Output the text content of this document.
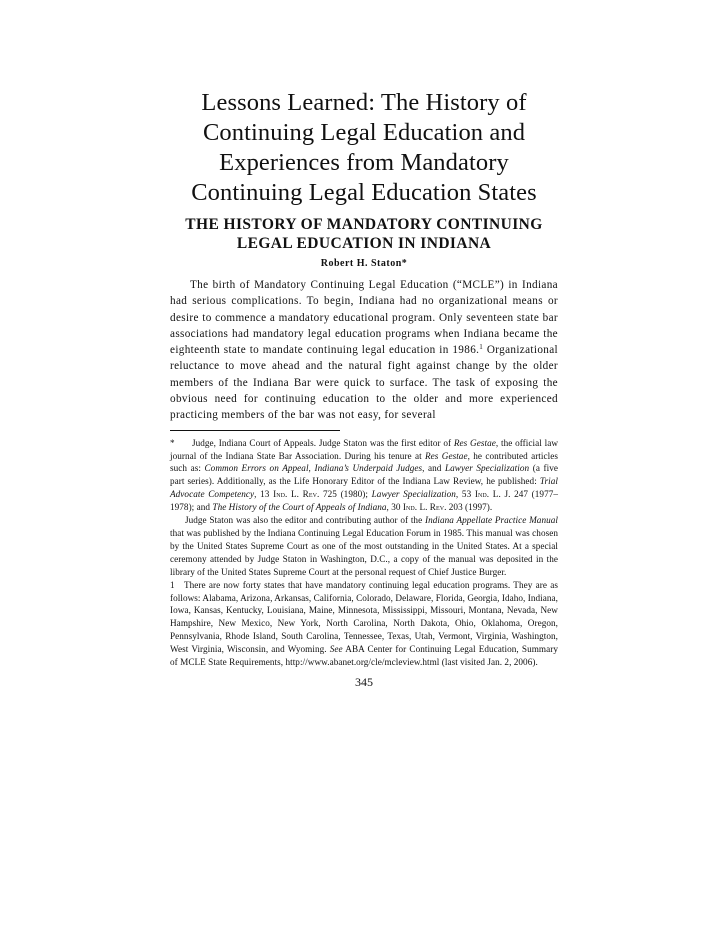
Lessons Learned: The History of Continuing Legal Education and Experiences from Mandatory Continuing Legal Education States
THE HISTORY OF MANDATORY CONTINUING LEGAL EDUCATION IN INDIANA

Robert H. Staton*

The birth of Mandatory Continuing Legal Education (“MCLE”) in Indiana had serious complications. To begin, Indiana had no organizational means or desire to commence a mandatory educational program. Only seventeen state bar associations had mandatory legal education programs when Indiana became the eighteenth state to mandate continuing legal education in 1986.$^1$ Organizational reluctance to move ahead and the natural fight against change by the older members of the Indiana Bar were quick to surface. The task of exposing the obvious need for continuing education to the older and more experienced practicing members of the bar was not easy, for several

* Judge, Indiana Court of Appeals. Judge Staton was the first editor of Res Gestae, the official law journal of the Indiana State Bar Association. During his tenure at Res Gestae, he contributed articles such as: Common Errors on Appeal, Indiana’s Underpaid Judges, and Lawyer Specialization (a five part series). Additionally, as the Life Honorary Editor of the Indiana Law Review, he published: Trial Advocate Competency, 13 Ind. L. Rev. 725 (1980); Lawyer Specialization, 53 Ind. L. J. 247 (1977–1978); and The History of the Court of Appeals of Indiana, 30 Ind. L. Rev. 203 (1997).

Judge Staton was also the editor and contributing author of the Indiana Appellate Practice Manual that was published by the Indiana Continuing Legal Education Forum in 1985. This manual was chosen by the United States Supreme Court as one of the most outstanding in the United States. At a special ceremony attended by Judge Staton in Washington, D.C., a copy of the manual was deposited in the library of the United States Supreme Court at the personal request of Chief Justice Burger.

1 There are now forty states that have mandatory continuing legal education programs. They are as follows: Alabama, Arizona, Arkansas, California, Colorado, Delaware, Florida, Georgia, Idaho, Indiana, Iowa, Kansas, Kentucky, Louisiana, Maine, Minnesota, Mississippi, Missouri, Montana, Nevada, New Hampshire, New Mexico, New York, North Carolina, North Dakota, Ohio, Oklahoma, Oregon, Pennsylvania, Rhode Island, South Carolina, Tennessee, Texas, Utah, Vermont, Virginia, Washington, West Virginia, Wisconsin, and Wyoming. See ABA Center for Continuing Legal Education, Summary of MCLE State Requirements, http://www.abanet.org/cle/mcleview.html (last visited Jan. 2, 2006).

345
